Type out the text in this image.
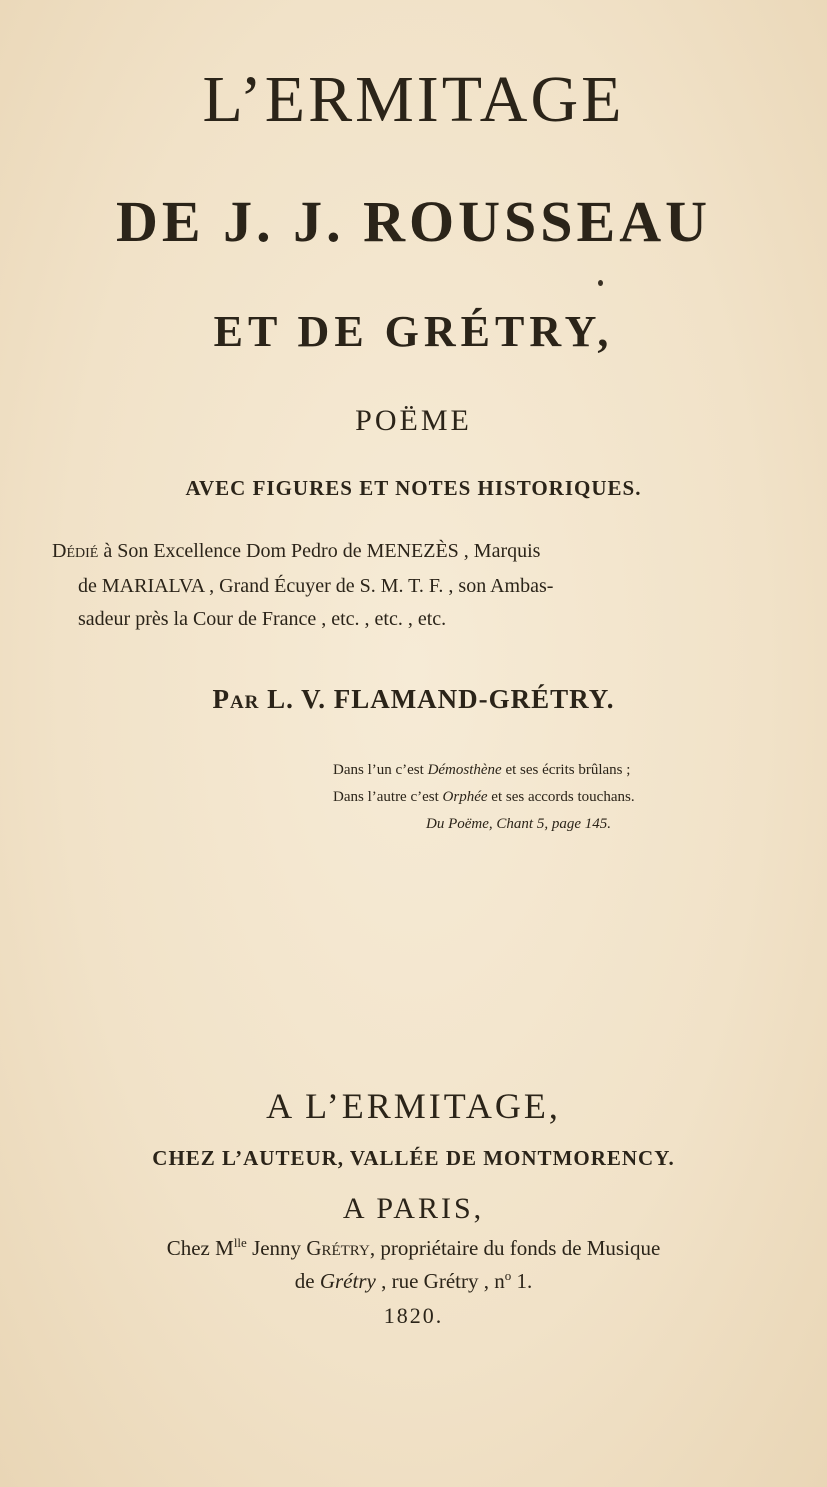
L’ERMITAGE
DE J. J. ROUSSEAU
ET DE GRÉTRY,
POËME
AVEC FIGURES ET NOTES HISTORIQUES.
Dédié à Son Excellence Dom Pedro de MENEZÈS , Marquis
de MARIALVA , Grand Écuyer de S. M. T. F. , son Ambas-
sadeur près la Cour de France , etc. , etc. , etc.
Par L. V. FLAMAND-GRÉTRY.
Dans l’un c’est Démosthène et ses écrits brûlans ;
Dans l’autre c’est Orphée et ses accords touchans.
Du Poëme, Chant 5, page 145.
A L’ERMITAGE,
CHEZ L’AUTEUR, VALLÉE DE MONTMORENCY.
A PARIS,
Chez $M^{lle}$ Jenny Grétry, propriétaire du fonds de Musique
de Grétry , rue Grétry , $n^o$ 1.
1820.
